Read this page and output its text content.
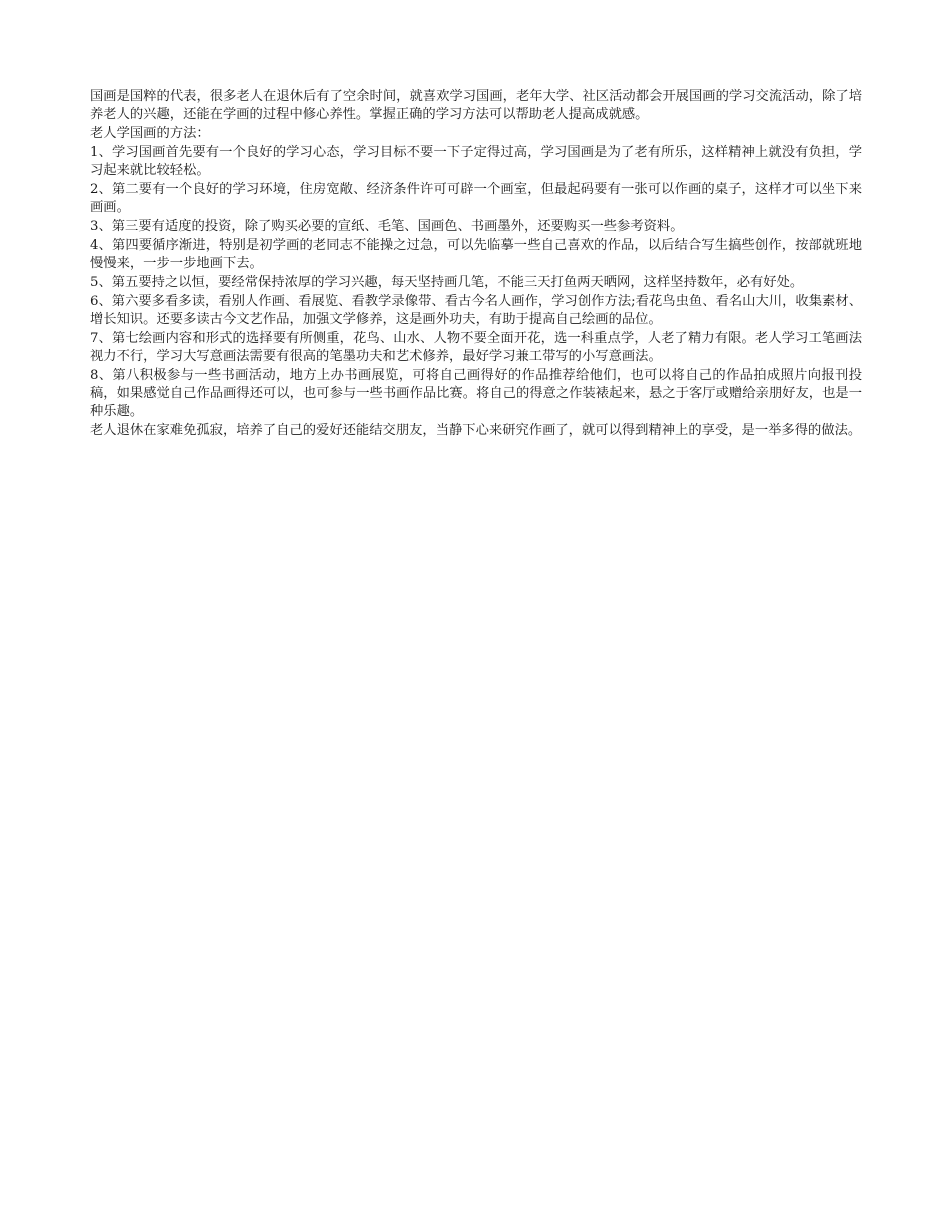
国画是国粹的代表，很多老人在退休后有了空余时间，就喜欢学习国画，老年大学、社区活动都会开展国画的学习交流活动，除了培养老人的兴趣，还能在学画的过程中修心养性。掌握正确的学习方法可以帮助老人提高成就感。

老人学国画的方法：

1、学习国画首先要有一个良好的学习心态，学习目标不要一下子定得过高，学习国画是为了老有所乐，这样精神上就没有负担，学习起来就比较轻松。

2、第二要有一个良好的学习环境，住房宽敞、经济条件许可可辟一个画室，但最起码要有一张可以作画的桌子，这样才可以坐下来画画。

3、第三要有适度的投资，除了购买必要的宣纸、毛笔、国画色、书画墨外，还要购买一些参考资料。

4、第四要循序渐进，特别是初学画的老同志不能操之过急，可以先临摹一些自己喜欢的作品，以后结合写生搞些创作，按部就班地慢慢来，一步一步地画下去。

5、第五要持之以恒，要经常保持浓厚的学习兴趣，每天坚持画几笔，不能三天打鱼两天晒网，这样坚持数年，必有好处。

6、第六要多看多读，看别人作画、看展览、看教学录像带、看古今名人画作，学习创作方法;看花鸟虫鱼、看名山大川，收集素材、增长知识。还要多读古今文艺作品，加强文学修养，这是画外功夫，有助于提高自己绘画的品位。

7、第七绘画内容和形式的选择要有所侧重，花鸟、山水、人物不要全面开花，选一科重点学，人老了精力有限。老人学习工笔画法视力不行，学习大写意画法需要有很高的笔墨功夫和艺术修养，最好学习兼工带写的小写意画法。

8、第八积极参与一些书画活动，地方上办书画展览，可将自己画得好的作品推荐给他们，也可以将自己的作品拍成照片向报刊投稿，如果感觉自己作品画得还可以，也可参与一些书画作品比赛。将自己的得意之作装裱起来，悬之于客厅或赠给亲朋好友，也是一种乐趣。

老人退休在家难免孤寂，培养了自己的爱好还能结交朋友，当静下心来研究作画了，就可以得到精神上的享受，是一举多得的做法。
